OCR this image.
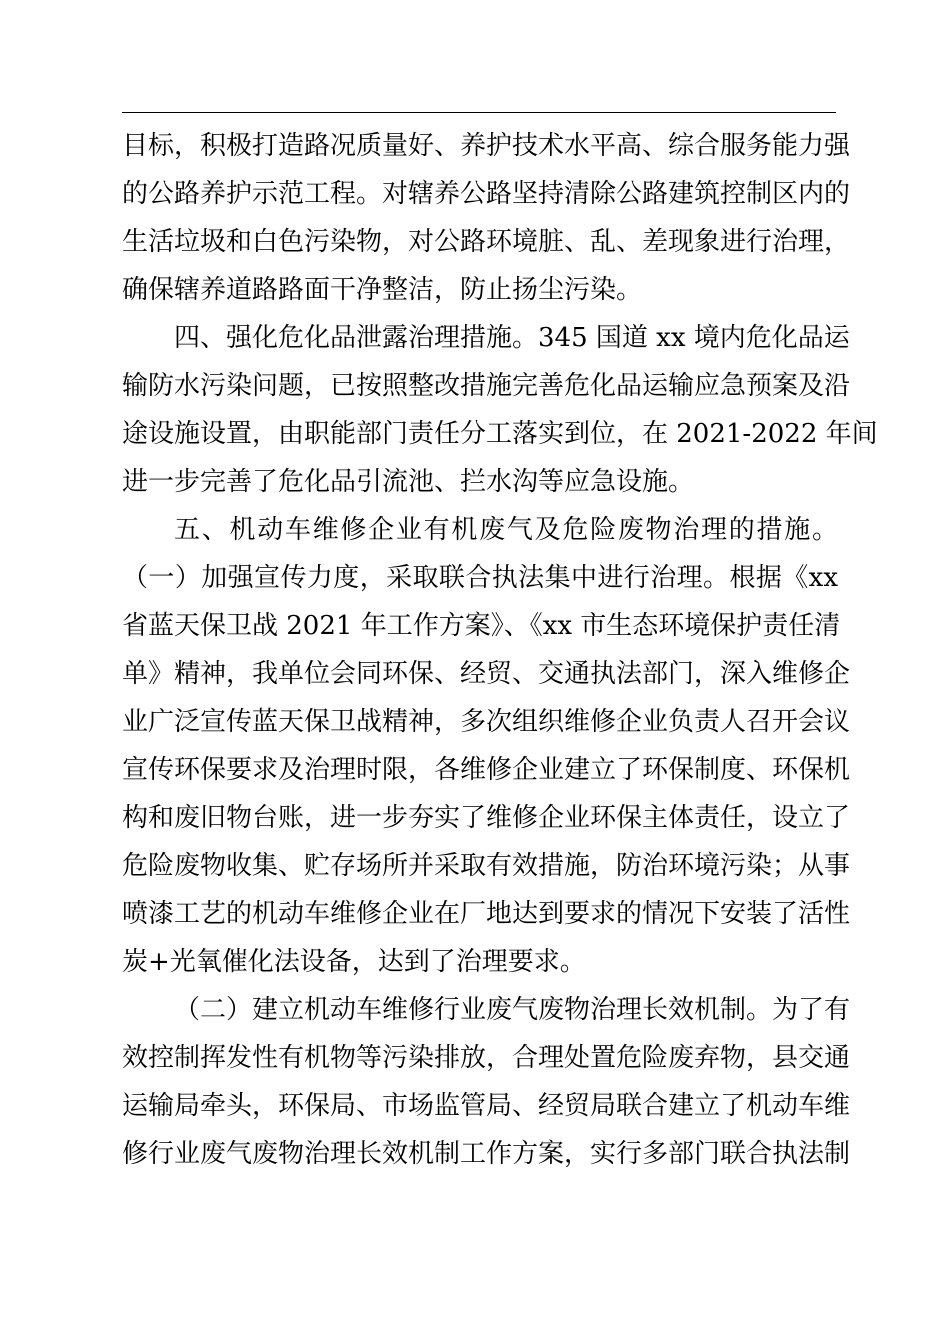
目标，积极打造路况质量好、养护技术水平高、综合服务能力强
的公路养护示范工程。对辖养公路坚持清除公路建筑控制区内的
生活垃圾和白色污染物，对公路环境脏、乱、差现象进行治理，
确保辖养道路路面干净整洁，防止扬尘污染。
四、强化危化品泄露治理措施。345 国道 xx 境内危化品运
输防水污染问题，已按照整改措施完善危化品运输应急预案及沿
途设施设置，由职能部门责任分工落实到位，在 2021-2022 年间
进一步完善了危化品引流池、拦水沟等应急设施。
五、机动车维修企业有机废气及危险废物治理的措施。
（一）加强宣传力度，采取联合执法集中进行治理。根据《xx
省蓝天保卫战 2021 年工作方案》、《xx 市生态环境保护责任清
单》精神，我单位会同环保、经贸、交通执法部门，深入维修企
业广泛宣传蓝天保卫战精神，多次组织维修企业负责人召开会议
宣传环保要求及治理时限，各维修企业建立了环保制度、环保机
构和废旧物台账，进一步夯实了维修企业环保主体责任，设立了
危险废物收集、贮存场所并采取有效措施，防治环境污染；从事
喷漆工艺的机动车维修企业在厂地达到要求的情况下安装了活性
炭+光氧催化法设备，达到了治理要求。
（二）建立机动车维修行业废气废物治理长效机制。为了有
效控制挥发性有机物等污染排放，合理处置危险废弃物，县交通
运输局牵头，环保局、市场监管局、经贸局联合建立了机动车维
修行业废气废物治理长效机制工作方案，实行多部门联合执法制
